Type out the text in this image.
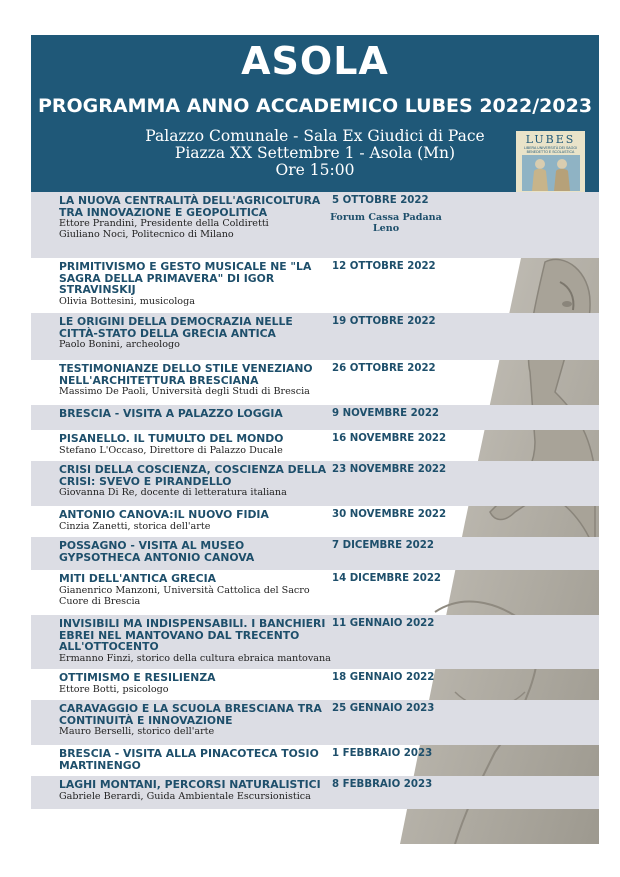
ASOLA
PROGRAMMA ANNO ACCADEMICO LUBES 2022/2023
Palazzo Comunale - Sala Ex Giudici di Pace
Piazza XX Settembre 1 - Asola (Mn)
Ore 15:00
LUBES
LIBERA UNIVERSITÀ DEI SAGGI BENEDETTO E SCOLASTICA
LA NUOVA CENTRALITÀ DELL'AGRICOLTURA TRA INNOVAZIONE E GEOPOLITICA
Ettore Prandini, Presidente della Coldiretti
Giuliano Noci, Politecnico di Milano
5 OTTOBRE 2022
Forum Cassa Padana
Leno
PRIMITIVISMO E GESTO MUSICALE NE "LA SAGRA DELLA PRIMAVERA" DI IGOR STRAVINSKIJ
Olivia Bottesini, musicologa
12 OTTOBRE 2022
LE ORIGINI DELLA DEMOCRAZIA NELLE CITTÀ-STATO DELLA GRECIA ANTICA
Paolo Bonini, archeologo
19 OTTOBRE 2022
TESTIMONIANZE DELLO STILE VENEZIANO NELL'ARCHITETTURA BRESCIANA
Massimo De Paoli, Università degli Studi di Brescia
26 OTTOBRE 2022
BRESCIA - VISITA A PALAZZO LOGGIA	9 NOVEMBRE 2022
PISANELLO. IL TUMULTO DEL MONDO
Stefano L'Occaso, Direttore di Palazzo Ducale
16 NOVEMBRE 2022
CRISI DELLA COSCIENZA, COSCIENZA DELLA CRISI: SVEVO E PIRANDELLO
Giovanna Di Re, docente di letteratura italiana
23 NOVEMBRE 2022
ANTONIO CANOVA:IL NUOVO FIDIA
Cinzia Zanetti, storica dell'arte
30 NOVEMBRE 2022
POSSAGNO - VISITA AL MUSEO GYPSOTHECA ANTONIO CANOVA
7 DICEMBRE 2022
MITI DELL'ANTICA GRECIA
Gianenrico Manzoni, Università Cattolica del Sacro
Cuore di Brescia
14 DICEMBRE 2022
INVISIBILI MA INDISPENSABILI. I BANCHIERI EBREI NEL MANTOVANO DAL TRECENTO ALL'OTTOCENTO
Ermanno Finzi, storico della cultura ebraica mantovana
11 GENNAIO 2022
OTTIMISMO E RESILIENZA
Ettore Botti, psicologo
18 GENNAIO 2022
CARAVAGGIO E LA SCUOLA BRESCIANA TRA CONTINUITÀ E INNOVAZIONE
Mauro Berselli, storico dell'arte
25 GENNAIO 2023
BRESCIA - VISITA ALLA PINACOTECA TOSIO MARTINENGO
1 FEBBRAIO 2023
LAGHI MONTANI, PERCORSI NATURALISTICI
Gabriele Berardi, Guida Ambientale Escursionistica
8 FEBBRAIO 2023
